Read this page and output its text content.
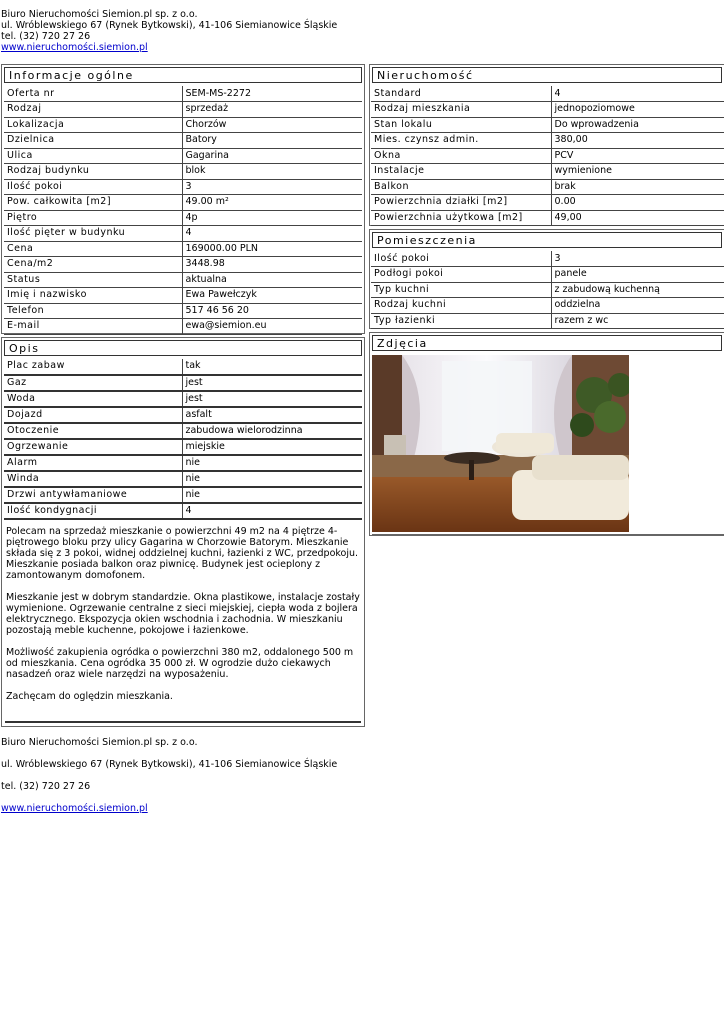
Biuro Nieruchomości Siemion.pl sp. z o.o.
ul. Wróblewskiego 67 (Rynek Bytkowski), 41-106 Siemianowice Śląskie
tel. (32) 720 27 26
www.nieruchomości.siemion.pl
Informacje ogólne
Oferta nr	SEM-MS-2272
Rodzaj	sprzedaż
Lokalizacja	Chorzów
Dzielnica	Batory
Ulica	Gagarina
Rodzaj budynku	blok
Ilość pokoi	3
Pow. całkowita [m2]	49.00 m²
Piętro	4p
Ilość pięter w budynku	4
Cena	169000.00 PLN
Cena/m2	3448.98
Status	aktualna
Imię i nazwisko	Ewa Pawełczyk
Telefon	517 46 56 20
E-mail	ewa@siemion.eu
Opis
Plac zabaw	tak
Gaz	jest
Woda	jest
Dojazd	asfalt
Otoczenie	zabudowa wielorodzinna
Ogrzewanie	miejskie
Alarm	nie
Winda	nie
Drzwi antywłamaniowe	nie
Ilość kondygnacji	4

Polecam na sprzedaż mieszkanie o powierzchni 49 m2 na 4 piętrze 4-piętrowego bloku przy ulicy Gagarina w Chorzowie Batorym. Mieszkanie składa się z 3 pokoi, widnej oddzielnej kuchni, łazienki z WC, przedpokoju. Mieszkanie posiada balkon oraz piwnicę. Budynek jest ocieplony z zamontowanym domofonem.

Mieszkanie jest w dobrym standardzie. Okna plastikowe, instalacje zostały wymienione. Ogrzewanie centralne z sieci miejskiej, ciepła woda z bojlera elektrycznego. Ekspozycja okien wschodnia i zachodnia. W mieszkaniu pozostają meble kuchenne, pokojowe i łazienkowe.

Możliwość zakupienia ogródka o powierzchni 380 m2, oddalonego 500 m od mieszkania. Cena ogródka 35 000 zł. W ogrodzie dużo ciekawych nasadzeń oraz wiele narzędzi na wyposażeniu.

Zachęcam do oględzin mieszkania.

Nieruchomość
Standard	4
Rodzaj mieszkania	jednopoziomowe
Stan lokalu	Do wprowadzenia
Mies. czynsz admin.	380,00
Okna	PCV
Instalacje	wymienione
Balkon	brak
Powierzchnia działki [m2]	0.00
Powierzchnia użytkowa [m2]	49,00
Pomieszczenia
Ilość pokoi	3
Podłogi pokoi	panele
Typ kuchni	z zabudową kuchenną
Rodzaj kuchni	oddzielna
Typ łazienki	razem z wc
Zdjęcia
Biuro Nieruchomości Siemion.pl sp. z o.o.
ul. Wróblewskiego 67 (Rynek Bytkowski), 41-106 Siemianowice Śląskie
tel. (32) 720 27 26
www.nieruchomości.siemion.pl
